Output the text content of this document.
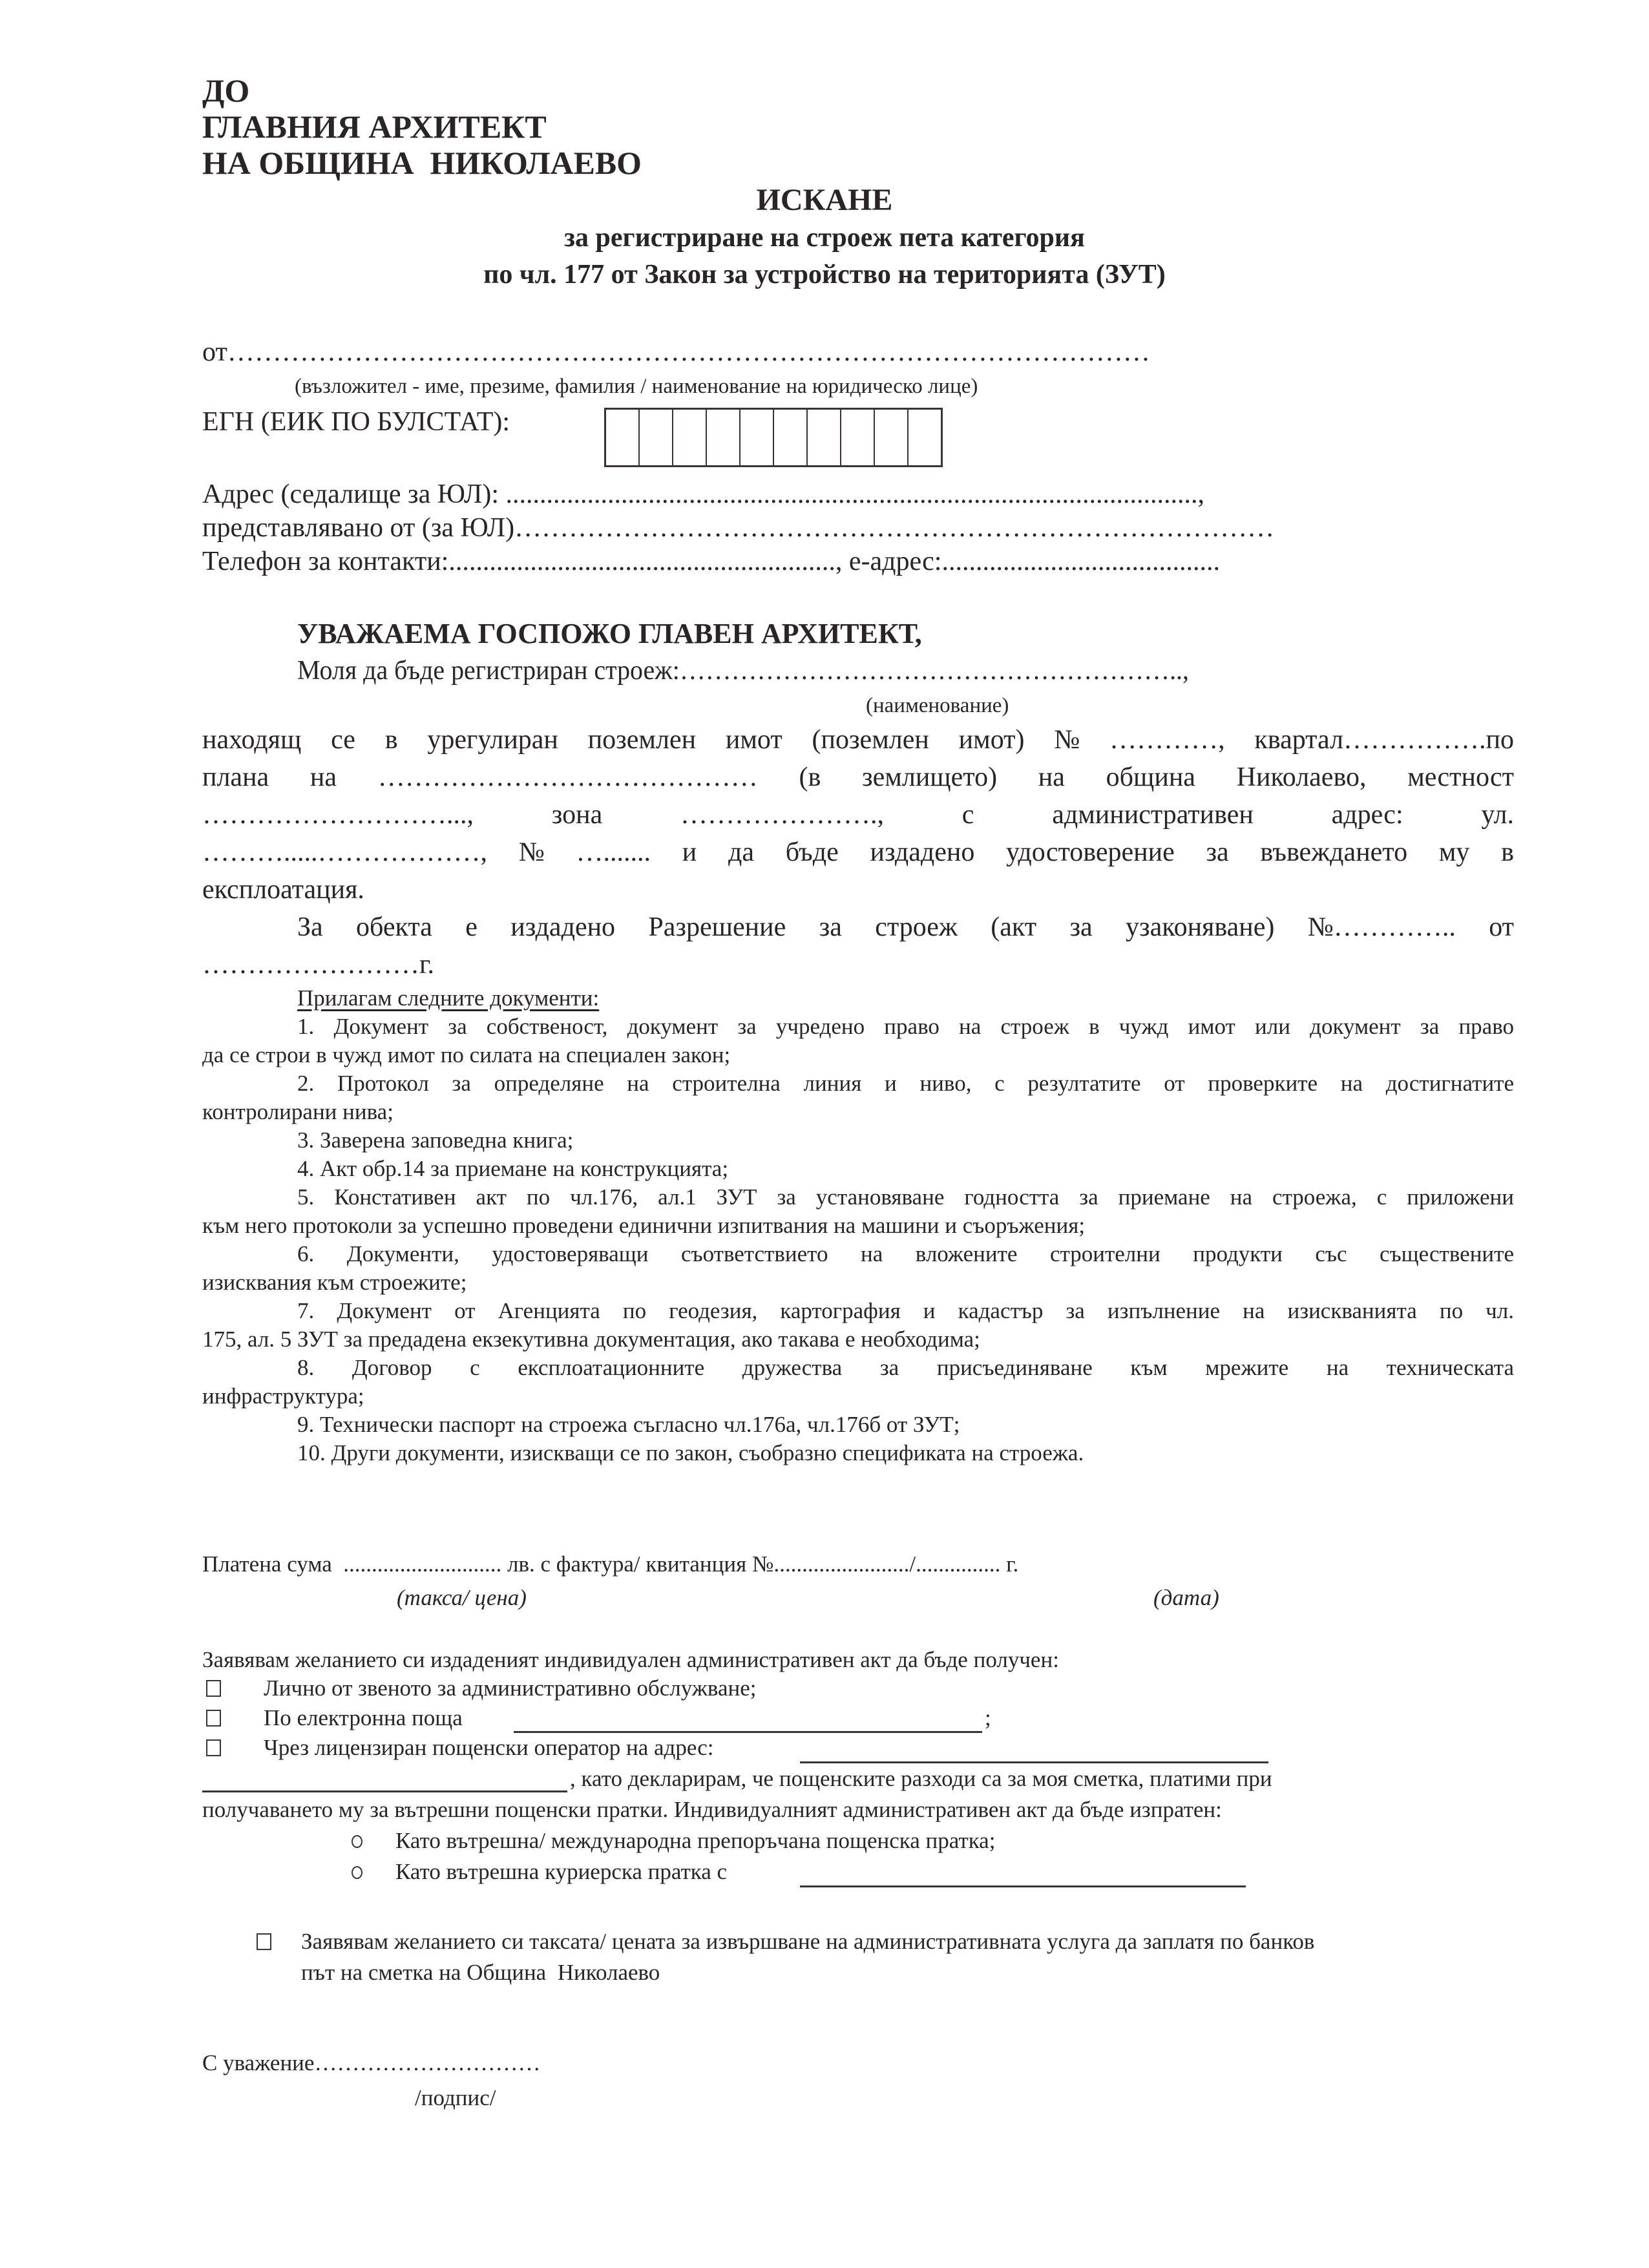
ДО
ГЛАВНИЯ АРХИТЕКТ
НА ОБЩИНА  НИКОЛАЕВО
ИСКАНЕ
за регистриране на строеж пета категория
по чл. 177 от Закон за устройство на територията (ЗУТ)
от…………………………………………………………………………………………
(възложител - име, презиме, фамилия / наименование на юридическо лице)
ЕГН (ЕИК ПО БУЛСТАТ):
Адрес (седалище за ЮЛ): ......................................................................................................,
представлявано от (за ЮЛ)…………………………………………………………………………
Телефон за контакти:........................................................., е-адрес:.........................................
УВАЖАЕМА ГОСПОЖО ГЛАВЕН АРХИТЕКТ,
Моля да бъде регистриран строеж:…………………………………………………..,
(наименование)
находящ се в урегулиран поземлен имот (поземлен имот) № …………, квартал…………….по
плана на …………………………………… (в землището) на община Николаево, местност
………………………..., зона …………………., с административен адрес: ул.
……….....………………, № …....... и да бъде издадено удостоверение за въвеждането му в
експлоатация.
За обекта е издадено Разрешение за строеж (акт за узаконяване) №………….. от
……………………г.
Прилагам следните документи:
1. Документ за собственост, документ за учредено право на строеж в чужд имот или документ за право
да се строи в чужд имот по силата на специален закон;
2. Протокол за определяне на строителна линия и ниво, с резултатите от проверките на достигнатите
контролирани нива;
3. Заверена заповедна книга;
4. Акт обр.14 за приемане на конструкцията;
5. Констативен акт по чл.176, ал.1 ЗУТ за установяване годността за приемане на строежа, с приложени
към него протоколи за успешно проведени единични изпитвания на машини и съоръжения;
6. Документи, удостоверяващи съответствието на вложените строителни продукти със съществените
изисквания към строежите;
7. Документ от Агенцията по геодезия, картография и кадастър за изпълнение на изискванията по чл.
175, ал. 5 ЗУТ за предадена екзекутивна документация, ако такава е необходима;
8. Договор с експлоатационните дружества за присъединяване към мрежите на техническата
инфраструктура;
9. Технически паспорт на строежа съгласно чл.176а, чл.176б от ЗУТ;
10. Други документи, изискващи се по закон, съобразно спецификата на строежа.
Платена сума  ............................ лв. с фактура/ квитанция №......................../............... г.
(такса/ цена)	(дата)
Заявявам желанието си издаденият индивидуален административен акт да бъде получен:
Лично от звеното за административно обслужване;
По електронна поща	;
Чрез лицензиран пощенски оператор на адрес:
, като декларирам, че пощенските разходи са за моя сметка, платими при
получаването му за вътрешни пощенски пратки. Индивидуалният административен акт да бъде изпратен:
Като вътрешна/ международна препоръчана пощенска пратка;
Като вътрешна куриерска пратка с
Заявявам желанието си таксата/ цената за извършване на административната услуга да заплатя по банков
път на сметка на Община  Николаево
С уважение…………………………
/подпис/
